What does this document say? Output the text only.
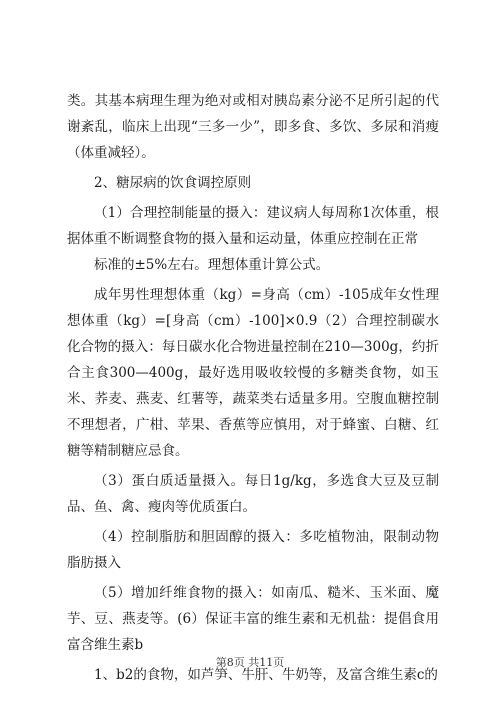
类。其基本病理生理为绝对或相对胰岛素分泌不足所引起的代谢紊乱，临床上出现“三多一少”，即多食、多饮、多尿和消瘦（体重减轻）。

2、糖尿病的饮食调控原则

（1）合理控制能量的摄入：建议病人每周称1次体重，根据体重不断调整食物的摄入量和运动量，体重应控制在正常

标准的±5%左右。理想体重计算公式。

成年男性理想体重（kg）=身高（cm）-105成年女性理想体重（kg）=[身高（cm）-100]×0.9（2）合理控制碳水化合物的摄入：每日碳水化合物进量控制在210—300g，约折合主食300—400g，最好选用吸收较慢的多糖类食物，如玉米、荞麦、燕麦、红薯等，蔬菜类右适量多用。空腹血糖控制不理想者，广柑、苹果、香蕉等应慎用，对于蜂蜜、白糖、红糖等精制糖应忌食。

（3）蛋白质适量摄入。每日1g/kg，多选食大豆及豆制品、鱼、禽、瘦肉等优质蛋白。

（4）控制脂肪和胆固醇的摄入：多吃植物油，限制动物脂肪摄入

（5）增加纤维食物的摄入：如南瓜、糙米、玉米面、魔芋、豆、燕麦等。(6）保证丰富的维生素和无机盐：提倡食用富含维生素b

1、b2的食物，如芦笋、牛肝、牛奶等，及富含维生素c的

第8页 共11页
